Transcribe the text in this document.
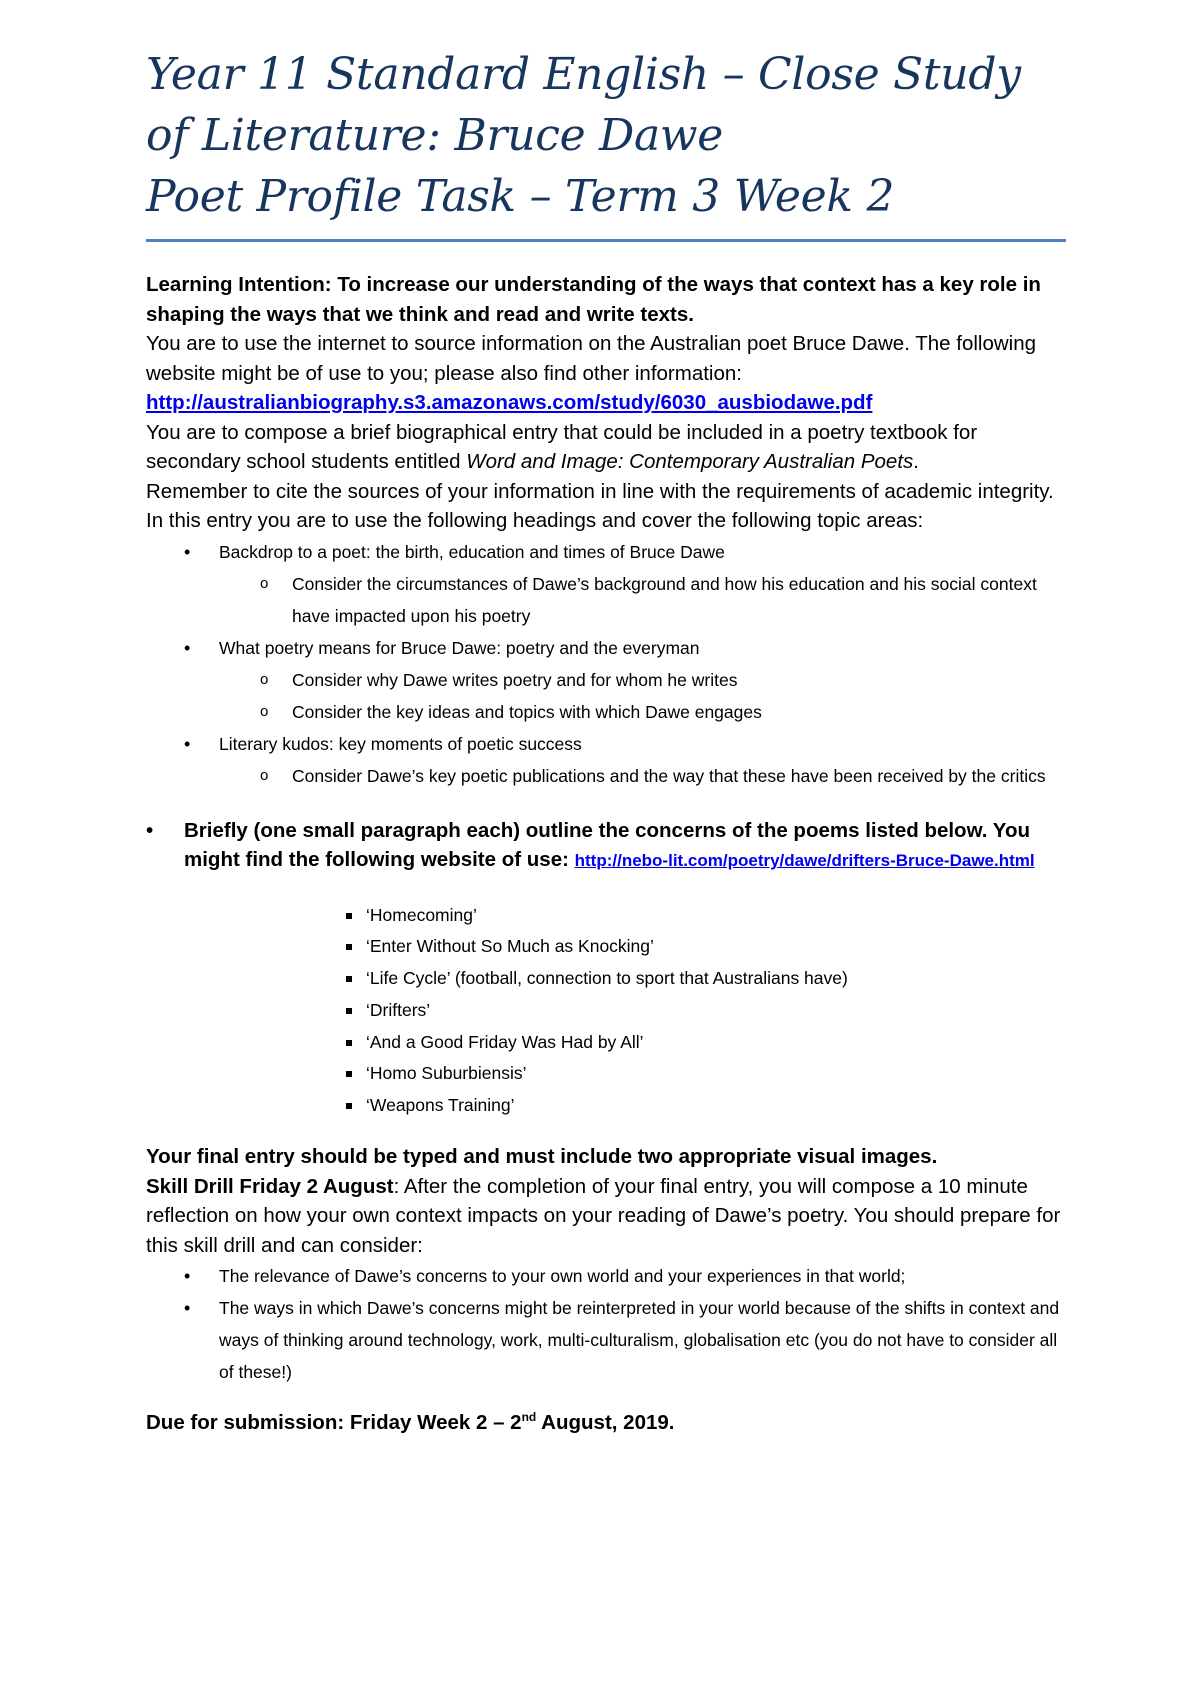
Year 11 Standard English – Close Study
of Literature: Bruce Dawe
Poet Profile Task – Term 3 Week 2

Learning Intention: To increase our understanding of the ways that context has a key role in shaping the ways that we think and read and write texts.

You are to use the internet to source information on the Australian poet Bruce Dawe. The following website might be of use to you; please also find other information:

http://australianbiography.s3.amazonaws.com/study/6030_ausbiodawe.pdf

You are to compose a brief biographical entry that could be included in a poetry textbook for secondary school students entitled Word and Image: Contemporary Australian Poets.

Remember to cite the sources of your information in line with the requirements of academic integrity.

In this entry you are to use the following headings and cover the following topic areas:

• Backdrop to a poet: the birth, education and times of Bruce Dawe
o Consider the circumstances of Dawe’s background and how his education and his social context have impacted upon his poetry
• What poetry means for Bruce Dawe: poetry and the everyman
o Consider why Dawe writes poetry and for whom he writes
o Consider the key ideas and topics with which Dawe engages
• Literary kudos: key moments of poetic success
o Consider Dawe’s key poetic publications and the way that these have been received by the critics
• Briefly (one small paragraph each) outline the concerns of the poems listed below. You might find the following website of use: http://nebo-lit.com/poetry/dawe/drifters-Bruce-Dawe.html
‘Homecoming’
‘Enter Without So Much as Knocking’
‘Life Cycle’ (football, connection to sport that Australians have)
‘Drifters’
‘And a Good Friday Was Had by All’
‘Homo Suburbiensis’
‘Weapons Training’

Your final entry should be typed and must include two appropriate visual images.

Skill Drill Friday 2 August: After the completion of your final entry, you will compose a 10 minute reflection on how your own context impacts on your reading of Dawe’s poetry. You should prepare for this skill drill and can consider:

• The relevance of Dawe’s concerns to your own world and your experiences in that world;
• The ways in which Dawe’s concerns might be reinterpreted in your world because of the shifts in context and ways of thinking around technology, work, multi-culturalism, globalisation etc (you do not have to consider all of these!)

Due for submission: Friday Week 2 – 2nd August, 2019.
